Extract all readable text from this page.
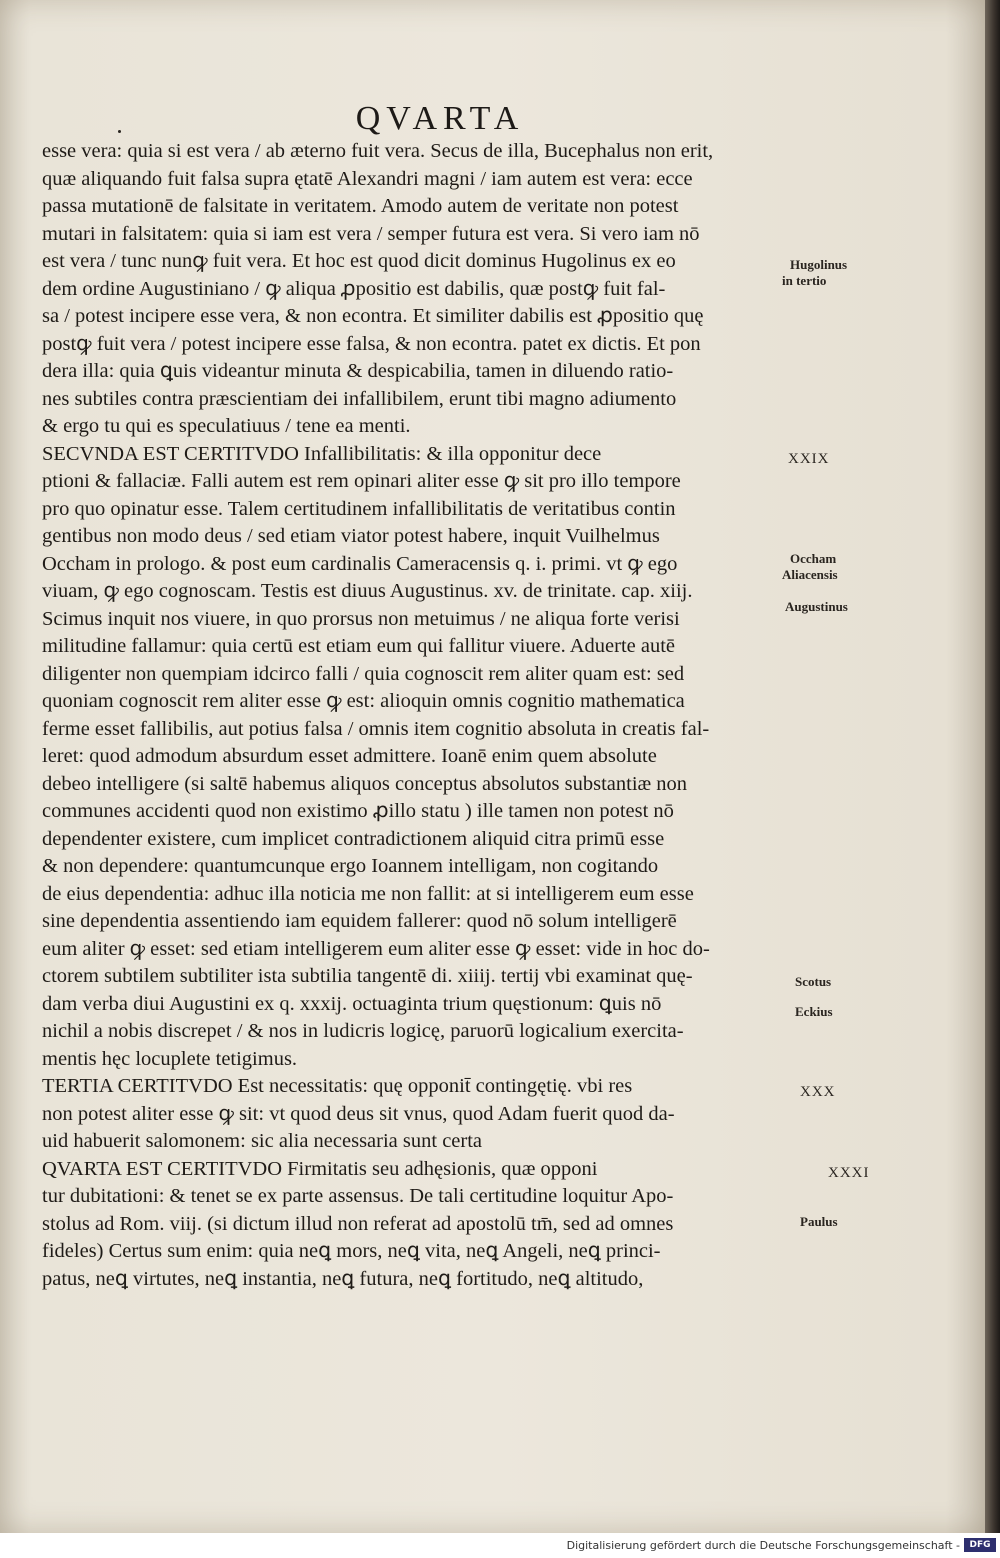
QVARTA
esse vera: quia si est vera / ab æterno fuit vera. Secus de illa, Bucephalus non erit,
quæ aliquando fuit falsa supra ętatē Alexandri magni / iam autem est vera: ecce
passa mutationē de falsitate in veritatem. Amodo autem de veritate non potest
mutari in falsitatem: quia si iam est vera / semper futura est vera. Si vero iam nō
est vera / tunc nunꝙ fuit vera. Et hoc est quod dicit dominus Hugolinus ex eo
dem ordine Augustiniano / ꝙ aliqua ꝓpositio est dabilis, quæ postꝙ fuit fal‑
sa / potest incipere esse vera, & non econtra. Et similiter dabilis est ꝓpositio quę
postꝙ fuit vera / potest incipere esse falsa, & non econtra. patet ex dictis. Et pon
dera illa: quia ꝗuis videantur minuta & despicabilia, tamen in diluendo ratio‑
nes subtiles contra præscientiam dei infallibilem, erunt tibi magno adiumento
& ergo tu qui es speculatiuus / tene ea menti.
SECVNDA EST CERTITVDO Infallibilitatis: & illa opponitur dece
ptioni & fallaciæ. Falli autem est rem opinari aliter esse ꝙ sit pro illo tempore
pro quo opinatur esse. Talem certitudinem infallibilitatis de veritatibus contin
gentibus non modo deus / sed etiam viator potest habere, inquit Vuilhelmus
Occham in prologo. & post eum cardinalis Cameracensis q. i. primi. vt ꝙ ego
viuam, ꝙ ego cognoscam. Testis est diuus Augustinus. xv. de trinitate. cap. xiĳ.
Scimus inquit nos viuere, in quo prorsus non metuimus / ne aliqua forte verisi
militudine fallamur: quia certū est etiam eum qui fallitur viuere. Aduerte autē
diligenter non quempiam idcirco falli / quia cognoscit rem aliter quam est: sed
quoniam cognoscit rem aliter esse ꝙ est: alioquin omnis cognitio mathematica
ferme esset fallibilis, aut potius falsa / omnis item cognitio absoluta in creatis fal‑
leret: quod admodum absurdum esset admittere. Ioanē enim quem absolute
debeo intelligere (si saltē habemus aliquos conceptus absolutos substantiæ non
communes accidenti quod non existimo ꝓillo statu ) ille tamen non potest nō
dependenter existere, cum implicet contradictionem aliquid citra primū esse
& non dependere: quantumcunque ergo Ioannem intelligam, non cogitando
de eius dependentia: adhuc illa noticia me non fallit: at si intelligerem eum esse
sine dependentia assentiendo iam equidem fallerer: quod nō solum intelligerē
eum aliter ꝙ esset: sed etiam intelligerem eum aliter esse ꝙ esset: vide in hoc do‑
ctorem subtilem subtiliter ista subtilia tangentē di. xiiĳ. tertĳ vbi examinat quę‑
dam verba diui Augustini ex q. xxxĳ. octuaginta trium quęstionum: ꝗuis nō
nichil a nobis discrepet / & nos in ludicris logicę, paruorū logicalium exercita‑
mentis hęc locuplete tetigimus.
TERTIA CERTITVDO Est necessitatis: quę opponit̄ contingętię. vbi res
non potest aliter esse ꝙ sit: vt quod deus sit vnus, quod Adam fuerit quod da‑
uid habuerit salomonem: sic alia necessaria sunt certa
QVARTA EST CERTITVDO Firmitatis seu adhęsionis, quæ opponi
tur dubitationi: & tenet se ex parte assensus. De tali certitudine loquitur Apo‑
stolus ad Rom. viĳ. (si dictum illud non referat ad apostolū tm̄, sed ad omnes
fideles) Certus sum enim: quia neꝗ mors, neꝗ vita, neꝗ Angeli, neꝗ princi‑
patus, neꝗ virtutes, neꝗ instantia, neꝗ futura, neꝗ fortitudo, neꝗ altitudo,
Hugolinus
in tertio
XXIX
Occham
Aliacensis
Augustinus
Scotus
Eckius
XXX
XXXI
Paulus
Digitalisierung gefördert durch die Deutsche Forschungsgemeinschaft -	DFG
